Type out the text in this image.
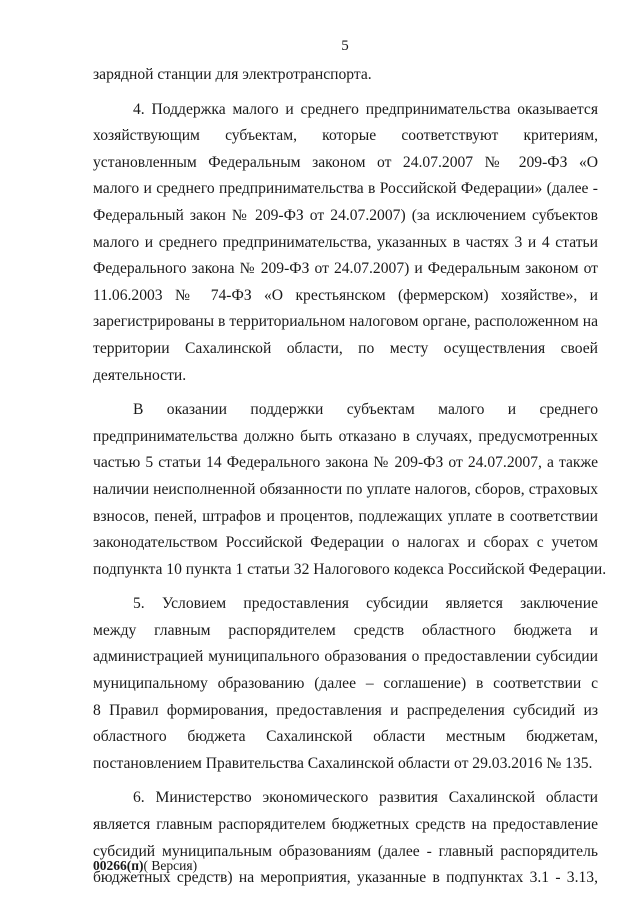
5
зарядной станции для электротранспорта.
4. Поддержка малого и среднего предпринимательства оказывается
хозяйствующим субъектам, которые соответствуют критериям,
установленным Федеральным законом от 24.07.2007 № 209-ФЗ «О
малого и среднего предпринимательства в Российской Федерации» (далее -
Федеральный закон № 209-ФЗ от 24.07.2007) (за исключением субъектов
малого и среднего предпринимательства, указанных в частях 3 и 4 статьи
Федерального закона № 209-ФЗ от 24.07.2007) и Федеральным законом от
11.06.2003 № 74-ФЗ «О крестьянском (фермерском) хозяйстве», и
зарегистрированы в территориальном налоговом органе, расположенном на
территории Сахалинской области, по месту осуществления своей
деятельности.
В оказании поддержки субъектам малого и среднего
предпринимательства должно быть отказано в случаях, предусмотренных
частью 5 статьи 14 Федерального закона № 209-ФЗ от 24.07.2007, а также
наличии неисполненной обязанности по уплате налогов, сборов, страховых
взносов, пеней, штрафов и процентов, подлежащих уплате в соответствии
законодательством Российской Федерации о налогах и сборах с учетом
подпункта 10 пункта 1 статьи 32 Налогового кодекса Российской Федерации.
5. Условием предоставления субсидии является заключение
между главным распорядителем средств областного бюджета и
администрацией муниципального образования о предоставлении субсидии
муниципальному образованию (далее – соглашение) в соответствии с
8 Правил формирования, предоставления и распределения субсидий из
областного бюджета Сахалинской области местным бюджетам,
постановлением Правительства Сахалинской области от 29.03.2016 № 135.
6. Министерство экономического развития Сахалинской области
является главным распорядителем бюджетных средств на предоставление
субсидий муниципальным образованиям (далее - главный распорядитель
бюджетных средств) на мероприятия, указанные в подпунктах 3.1 - 3.13,
00266(п)( Версия)
